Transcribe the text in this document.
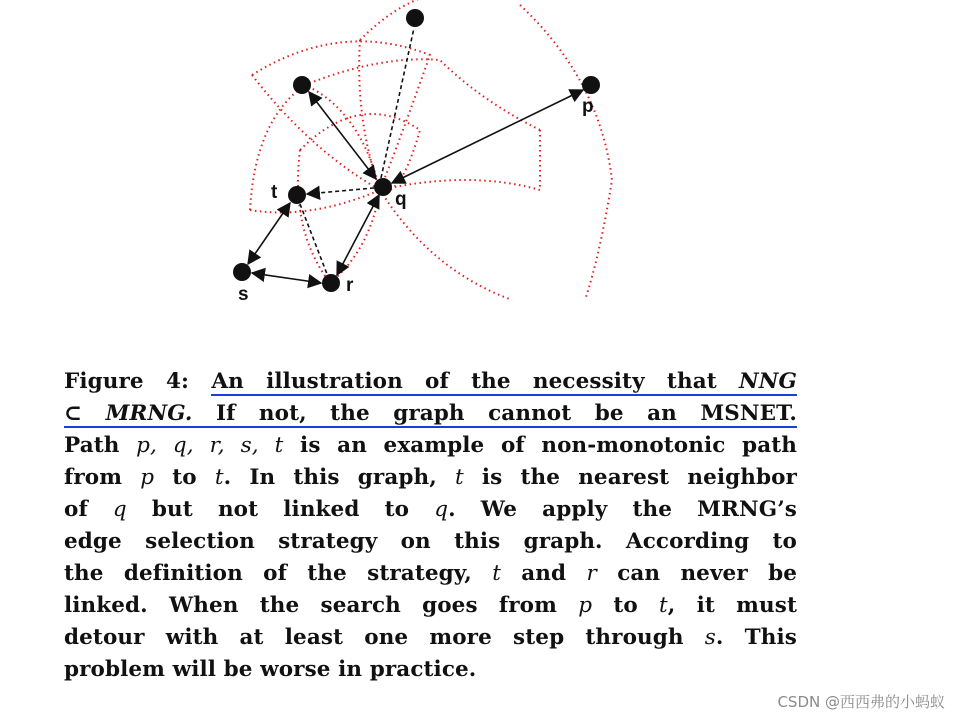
p
q
t
s	r
Figure 4: An illustration of the necessity that NNG
⊂ MRNG. If not, the graph cannot be an MSNET.
Path p, q, r, s, t is an example of non-monotonic path
from p to t. In this graph, t is the nearest neighbor
of q but not linked to q. We apply the MRNG’s
edge selection strategy on this graph. According to
the definition of the strategy, t and r can never be
linked. When the search goes from p to t, it must
detour with at least one more step through s. This
problem will be worse in practice.
CSDN @西西弗的小蚂蚁
